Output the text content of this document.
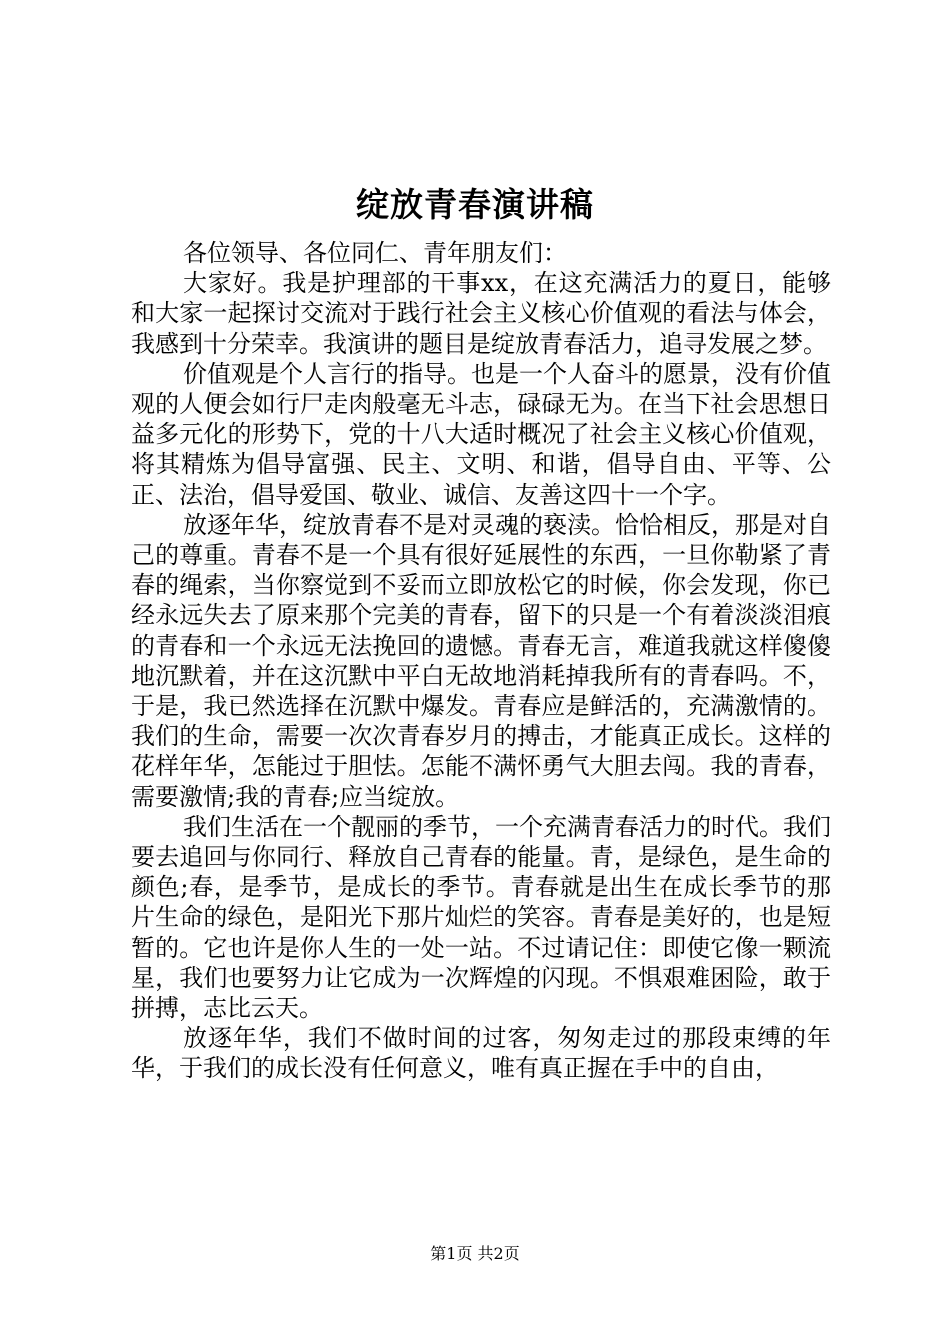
绽放青春演讲稿

各位领导、各位同仁、青年朋友们：

大家好。我是护理部的干事xx，在这充满活力的夏日，能够和大家一起探讨交流对于践行社会主义核心价值观的看法与体会，我感到十分荣幸。我演讲的题目是绽放青春活力，追寻发展之梦。

价值观是个人言行的指导。也是一个人奋斗的愿景，没有价值观的人便会如行尸走肉般毫无斗志，碌碌无为。在当下社会思想日益多元化的形势下，党的十八大适时概况了社会主义核心价值观，将其精炼为倡导富强、民主、文明、和谐，倡导自由、平等、公正、法治，倡导爱国、敬业、诚信、友善这四十一个字。

放逐年华，绽放青春不是对灵魂的亵渎。恰恰相反，那是对自己的尊重。青春不是一个具有很好延展性的东西，一旦你勒紧了青春的绳索，当你察觉到不妥而立即放松它的时候，你会发现，你已经永远失去了原来那个完美的青春，留下的只是一个有着淡淡泪痕的青春和一个永远无法挽回的遗憾。青春无言，难道我就这样傻傻地沉默着，并在这沉默中平白无故地消耗掉我所有的青春吗。不，于是，我已然选择在沉默中爆发。青春应是鲜活的，充满激情的。我们的生命，需要一次次青春岁月的搏击，才能真正成长。这样的花样年华，怎能过于胆怯。怎能不满怀勇气大胆去闯。我的青春，需要激情;我的青春;应当绽放。

我们生活在一个靓丽的季节，一个充满青春活力的时代。我们要去追回与你同行、释放自己青春的能量。青，是绿色，是生命的颜色;春，是季节，是成长的季节。青春就是出生在成长季节的那片生命的绿色，是阳光下那片灿烂的笑容。青春是美好的，也是短暂的。它也许是你人生的一处一站。不过请记住：即使它像一颗流星，我们也要努力让它成为一次辉煌的闪现。不惧艰难困险，敢于拼搏，志比云天。

放逐年华，我们不做时间的过客，匆匆走过的那段束缚的年华，于我们的成长没有任何意义，唯有真正握在手中的自由，

第1页 共2页
